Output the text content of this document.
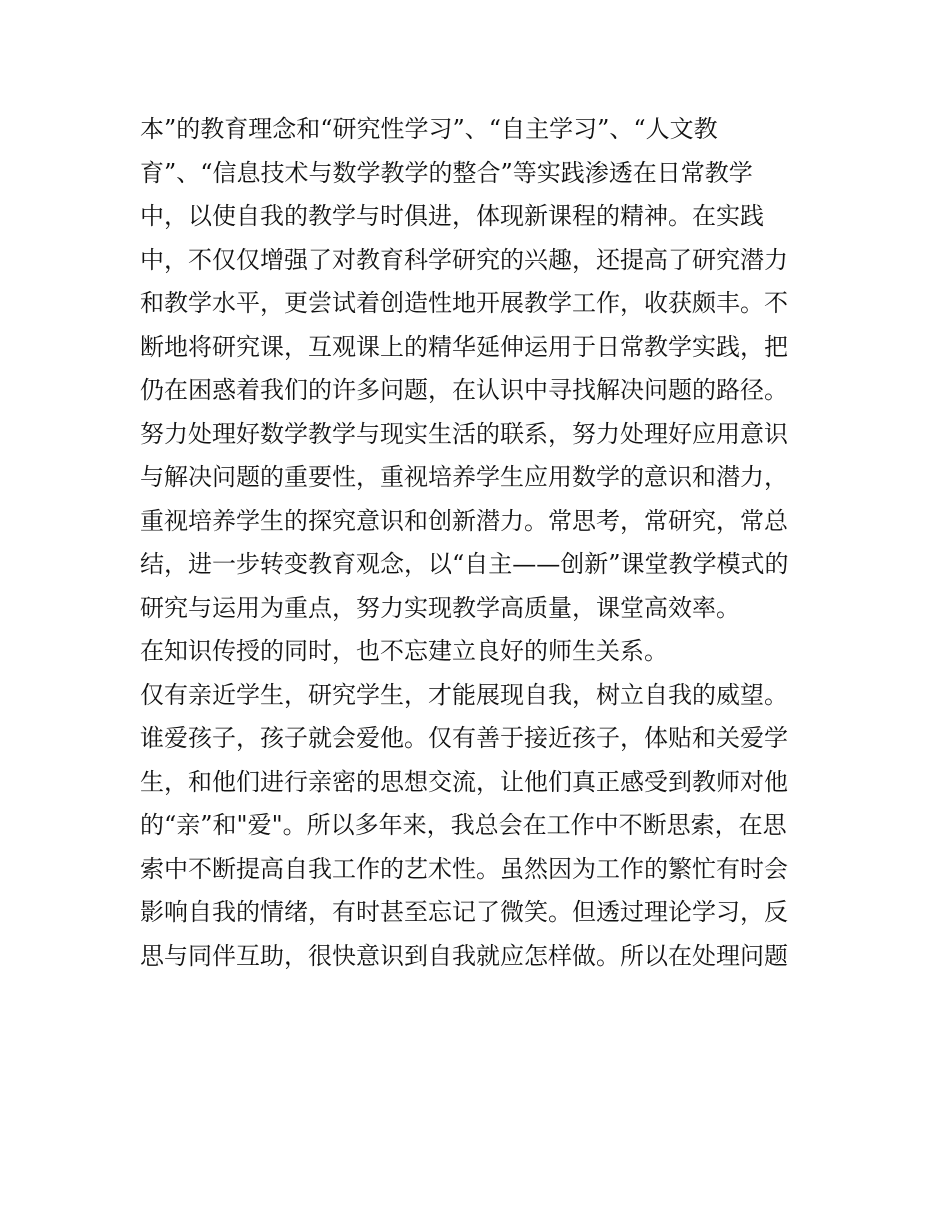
本”的教育理念和“研究性学习”、“自主学习”、“人文教
育”、“信息技术与数学教学的整合”等实践渗透在日常教学
中，以使自我的教学与时俱进，体现新课程的精神。在实践
中，不仅仅增强了对教育科学研究的兴趣，还提高了研究潜力
和教学水平，更尝试着创造性地开展教学工作，收获颇丰。不
断地将研究课，互观课上的精华延伸运用于日常教学实践，把
仍在困惑着我们的许多问题，在认识中寻找解决问题的路径。
努力处理好数学教学与现实生活的联系，努力处理好应用意识
与解决问题的重要性，重视培养学生应用数学的意识和潜力，
重视培养学生的探究意识和创新潜力。常思考，常研究，常总
结，进一步转变教育观念，以“自主——创新”课堂教学模式的
研究与运用为重点，努力实现教学高质量，课堂高效率。
在知识传授的同时，也不忘建立良好的师生关系。
仅有亲近学生，研究学生，才能展现自我，树立自我的威望。
谁爱孩子，孩子就会爱他。仅有善于接近孩子，体贴和关爱学
生，和他们进行亲密的思想交流，让他们真正感受到教师对他
的“亲”和"爱"。所以多年来，我总会在工作中不断思索，在思
索中不断提高自我工作的艺术性。虽然因为工作的繁忙有时会
影响自我的情绪，有时甚至忘记了微笑。但透过理论学习，反
思与同伴互助，很快意识到自我就应怎样做。所以在处理问题
